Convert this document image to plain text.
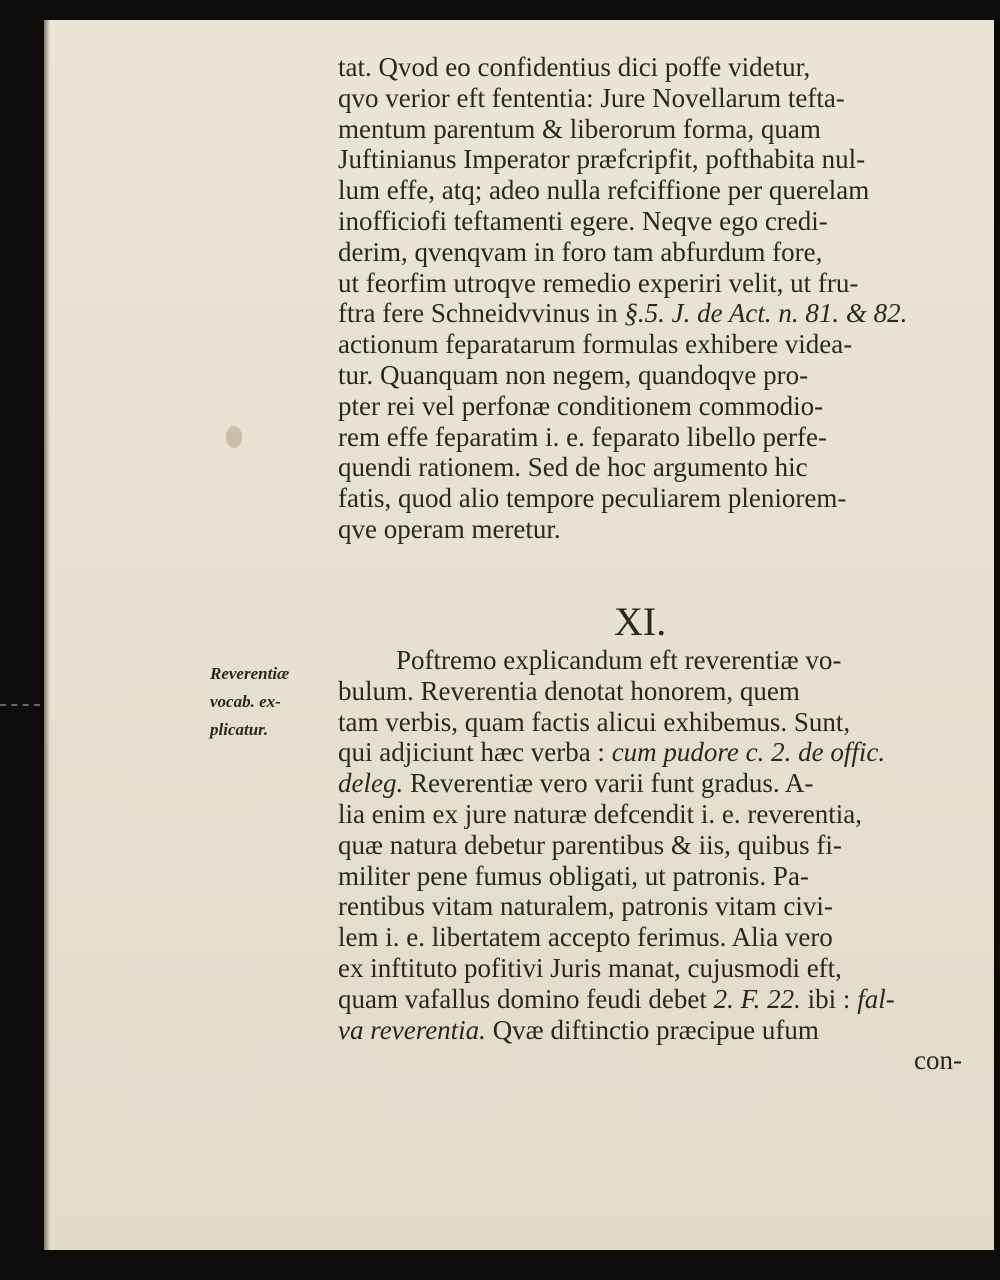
tat. Qvod eo confidentius dici poffe videtur,
qvo verior eft fententia: Jure Novellarum tefta-
mentum parentum & liberorum forma, quam
Juftinianus Imperator præfcripfit, pofthabita nul-
lum effe, atq; adeo nulla refciffione per querelam
inofficiofi teftamenti egere. Neqve ego credi-
derim, qvenqvam in foro tam abfurdum fore,
ut feorfim utroqve remedio experiri velit, ut fru-
ftra fere Schneidvvinus in §.5. J. de Act. n. 81. & 82.
actionum feparatarum formulas exhibere videa-
tur. Quanquam non negem, quandoqve pro-
pter rei vel perfonæ conditionem commodio-
rem effe feparatim i. e. feparato libello perfe-
quendi rationem. Sed de hoc argumento hic
fatis, quod alio tempore peculiarem pleniorem-
qve operam meretur.
XI.
Reverentiæ
vocab. ex-
plicatur.
Poftremo explicandum eft reverentiæ vo-
bulum. Reverentia denotat honorem, quem
tam verbis, quam factis alicui exhibemus. Sunt,
qui adjiciunt hæc verba : cum pudore c. 2. de offic.
deleg. Reverentiæ vero varii funt gradus. A-
lia enim ex jure naturæ defcendit i. e. reverentia,
quæ natura debetur parentibus & iis, quibus fi-
militer pene fumus obligati, ut patronis. Pa-
rentibus vitam naturalem, patronis vitam civi-
lem i. e. libertatem accepto ferimus. Alia vero
ex inftituto pofitivi Juris manat, cujusmodi eft,
quam vafallus domino feudi debet 2. F. 22. ibi : fal-
va reverentia. Qvæ diftinctio præcipue ufum
con-
